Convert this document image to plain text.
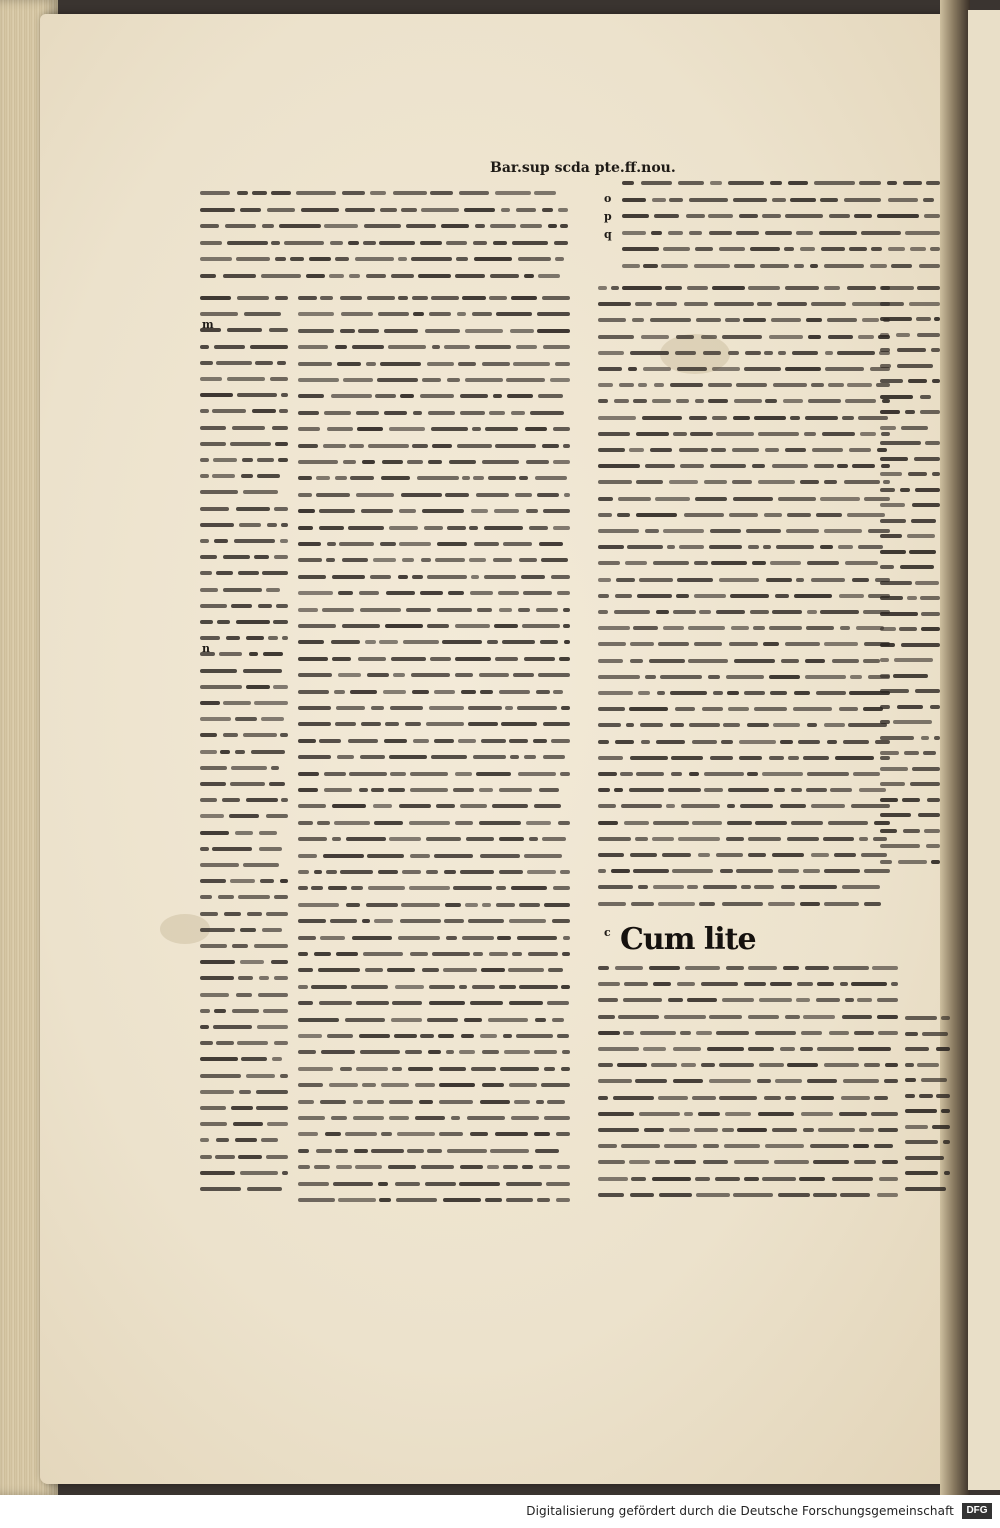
Bar.sup scda pte.ff.nou.
Cum lite
o
p
q
m
n
c
Digitalisierung gefördert durch die Deutsche Forschungsgemeinschaft	DFG
